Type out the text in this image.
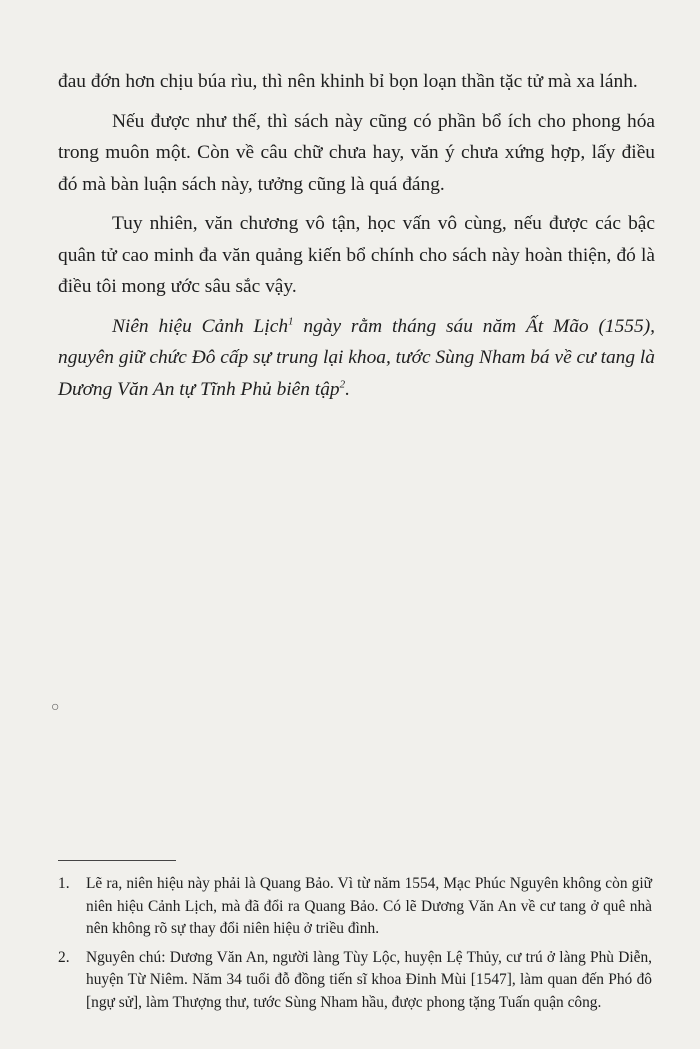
đau đớn hơn chịu búa rìu, thì nên khinh bỉ bọn loạn thần tặc tử mà xa lánh.

Nếu được như thế, thì sách này cũng có phần bổ ích cho phong hóa trong muôn một. Còn về câu chữ chưa hay, văn ý chưa xứng hợp, lấy điều đó mà bàn luận sách này, tưởng cũng là quá đáng.

Tuy nhiên, văn chương vô tận, học vấn vô cùng, nếu được các bậc quân tử cao minh đa văn quảng kiến bổ chính cho sách này hoàn thiện, đó là điều tôi mong ước sâu sắc vậy.

Niên hiệu Cảnh Lịch$^1$ ngày rằm tháng sáu năm Ất Mão (1555), nguyên giữ chức Đô cấp sự trung lại khoa, tước Sùng Nham bá về cư tang là Dương Văn An tự Tĩnh Phủ biên tập$^2$.

○
1. Lẽ ra, niên hiệu này phải là Quang Bảo. Vì từ năm 1554, Mạc Phúc Nguyên không còn giữ niên hiệu Cảnh Lịch, mà đã đổi ra Quang Bảo. Có lẽ Dương Văn An về cư tang ở quê nhà nên không rõ sự thay đổi niên hiệu ở triều đình.
2. Nguyên chú: Dương Văn An, người làng Tùy Lộc, huyện Lệ Thủy, cư trú ở làng Phù Diễn, huyện Từ Niêm. Năm 34 tuổi đỗ đồng tiến sĩ khoa Đinh Mùi [1547], làm quan đến Phó đô [ngự sử], làm Thượng thư, tước Sùng Nham hầu, được phong tặng Tuấn quận công.
